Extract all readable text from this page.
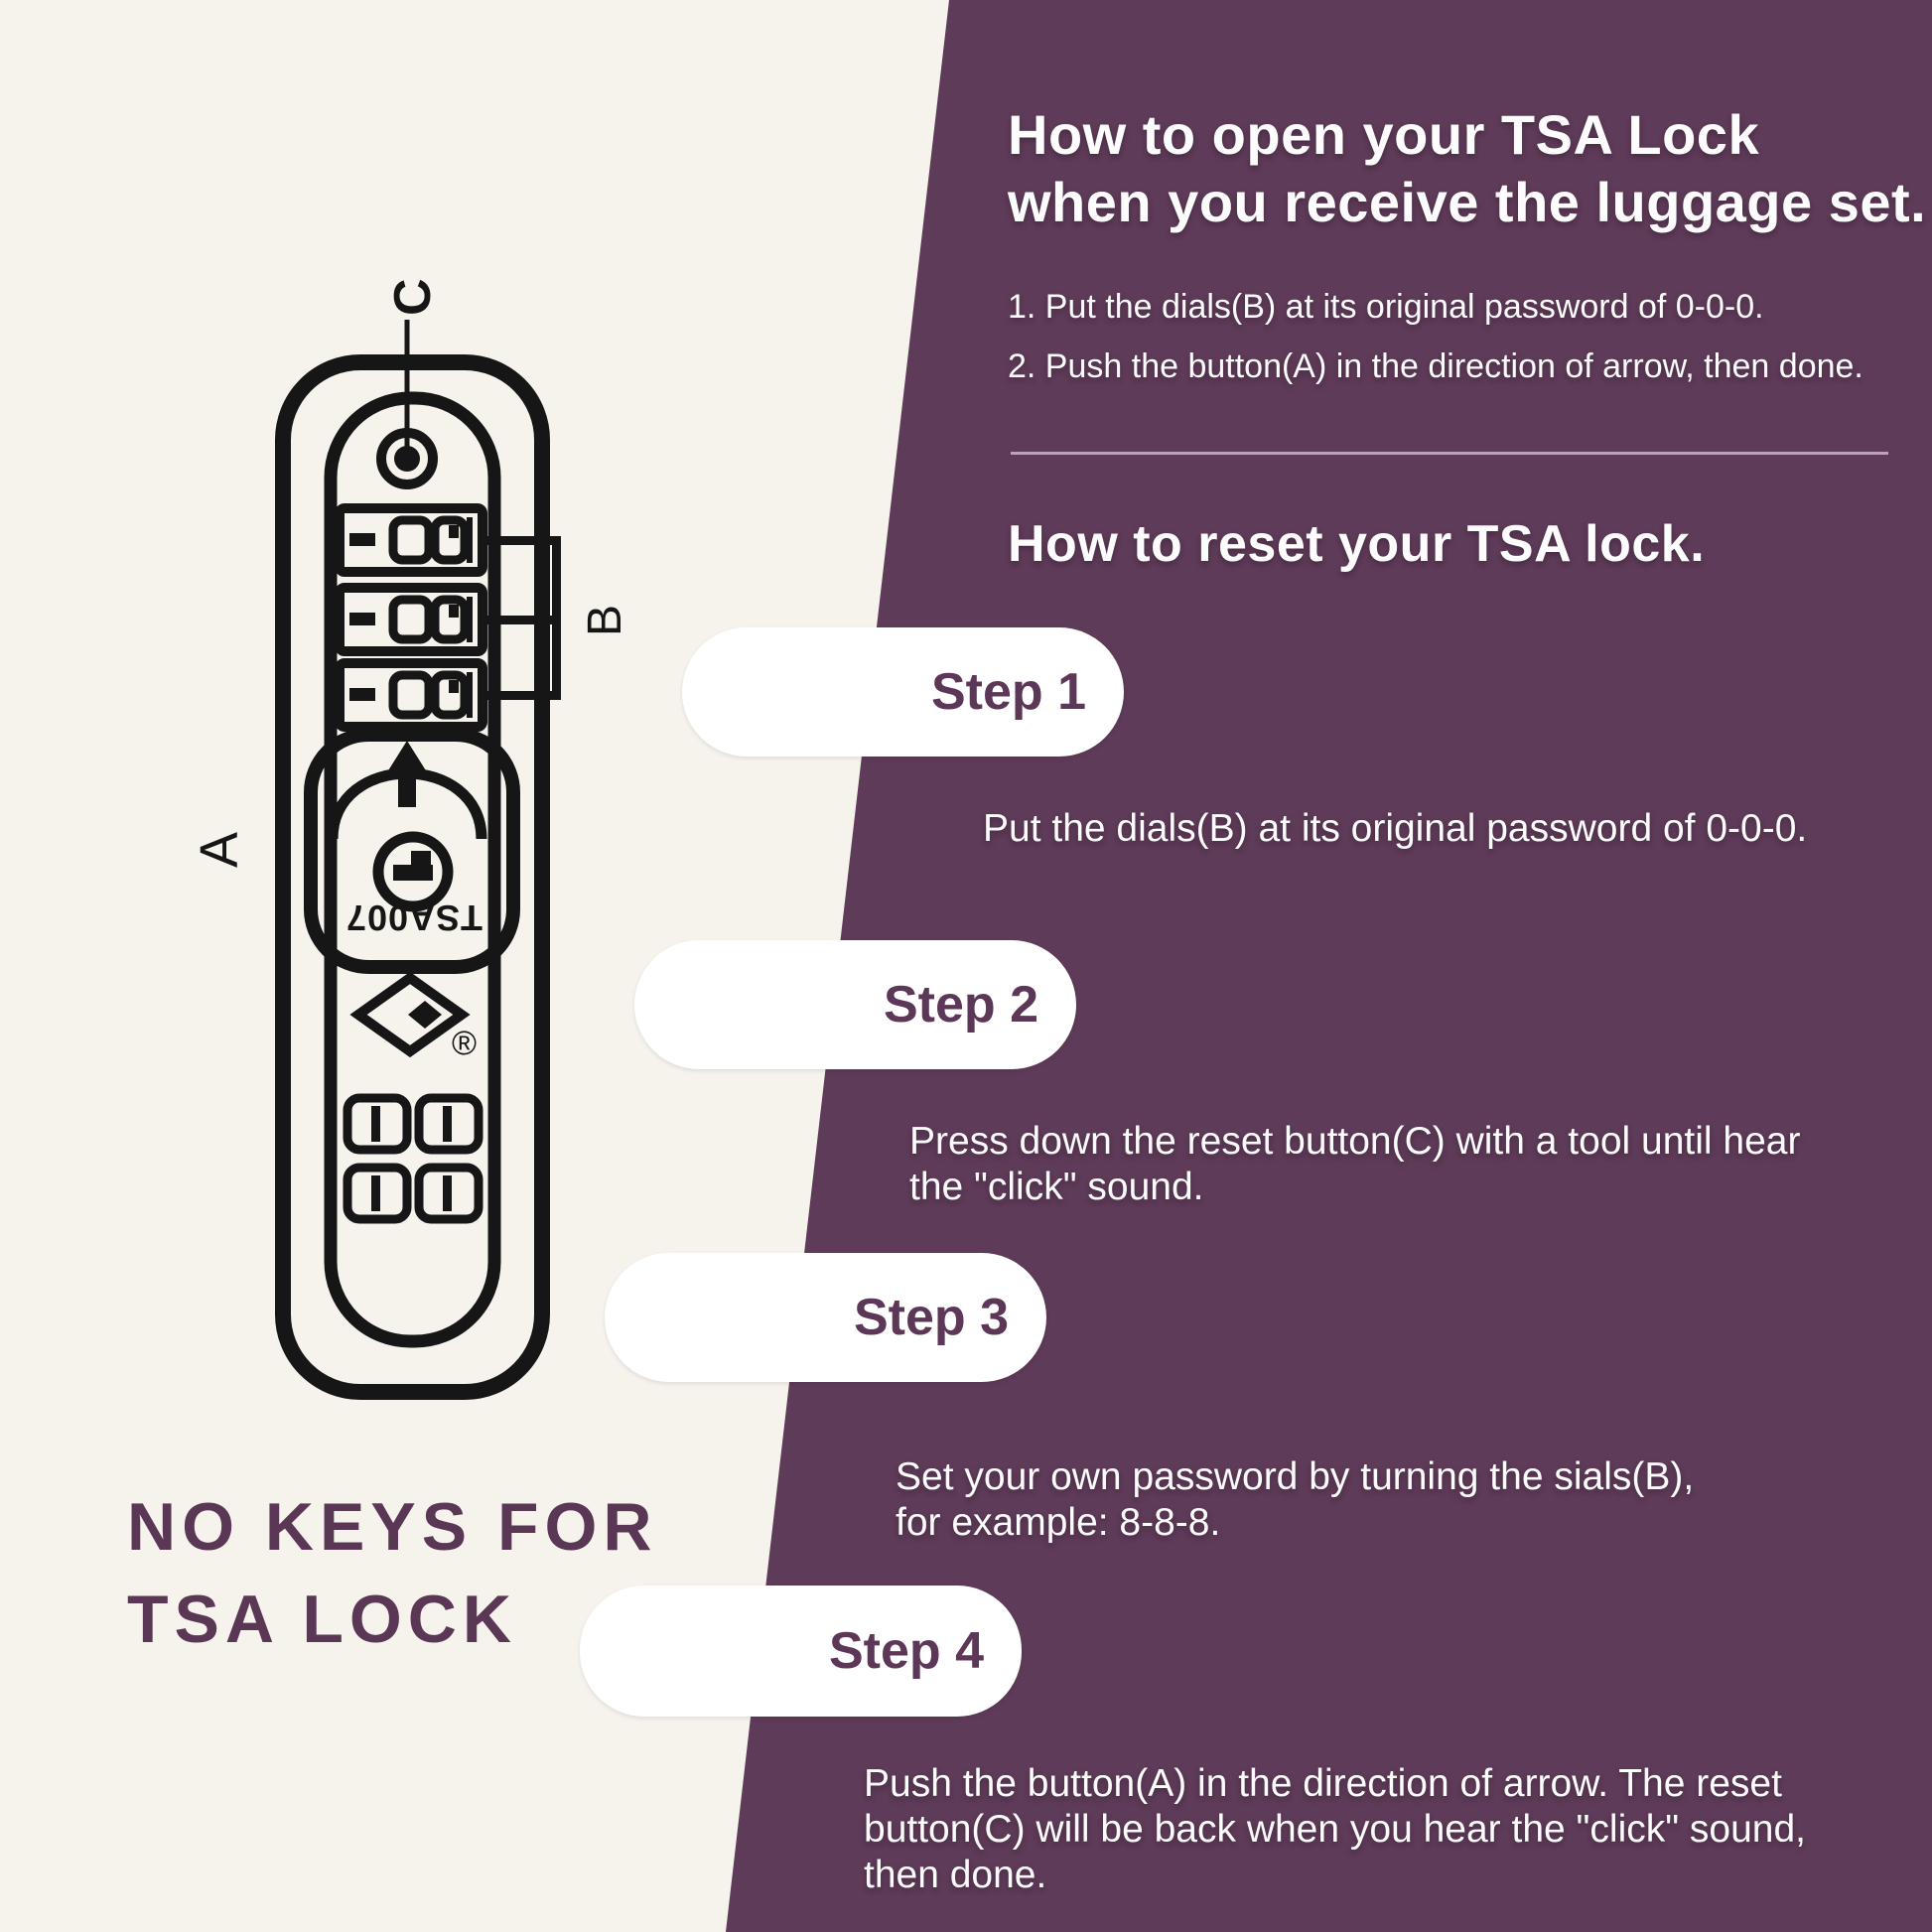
How to open your TSA Lock
when you receive the luggage set.
1. Put the dials(B) at its original password of 0-0-0.
2. Push the button(A) in the direction of arrow, then done.
How to reset your TSA lock.
Step 1
Step 2
Step 3
Step 4
Put the dials(B) at its original password of 0-0-0.
Press down the reset button(C) with a tool until hear
the "click" sound.
Set your own password by turning the sials(B),
for example: 8-8-8.
Push the button(A) in the direction of arrow. The reset
button(C) will be back when you hear the "click" sound,
then done.
C
B
A
TSA007
®
NO KEYS FOR
TSA LOCK
